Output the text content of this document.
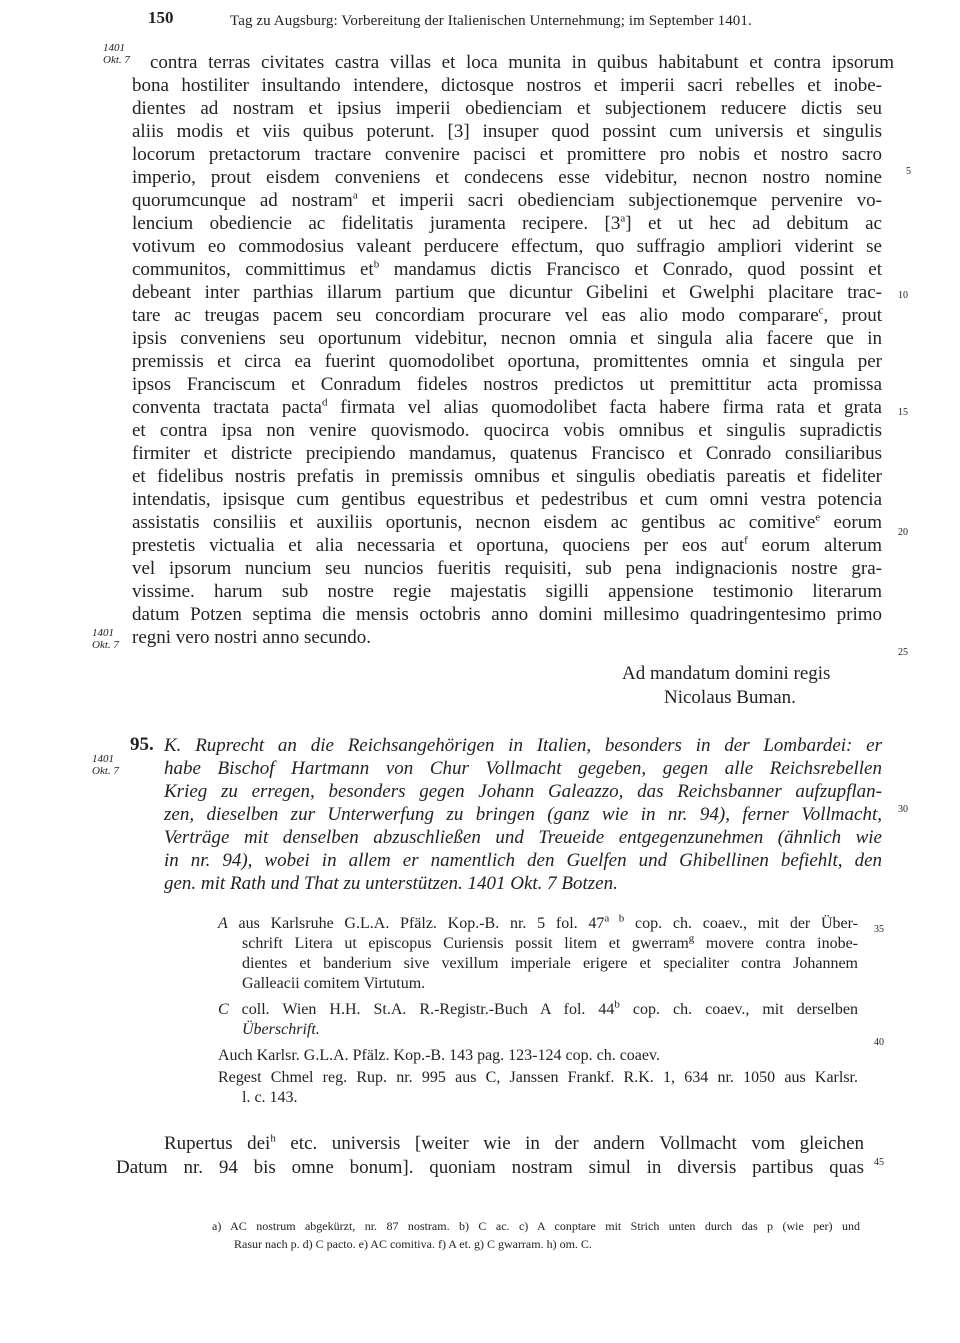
150	Tag zu Augsburg: Vorbereitung der Italienischen Unternehmung; im September 1401.
1401
Okt. 7
1401
Okt. 7
1401
Okt. 7
5
10
15
20
25
30
35
40
45
contra terras civitates castra villas et loca munita in quibus habitabunt et contra ipsorum
bona hostiliter insultando intendere, dictosque nostros et imperii sacri rebelles et inobe-
dientes ad nostram et ipsius imperii obedienciam et subjectionem reducere dictis seu
aliis modis et viis quibus poterunt. [3] insuper quod possint cum universis et singulis
locorum pretactorum tractare convenire pacisci et promittere pro nobis et nostro sacro
imperio, prout eisdem conveniens et condecens esse videbitur, necnon nostro nomine
quorumcunque ad nostram$^a$ et imperii sacri obedienciam subjectionemque pervenire vo-
lencium obediencie ac fidelitatis juramenta recipere. [3$^a$] et ut hec ad debitum ac
votivum eo commodosius valeant perducere effectum, quo suffragio ampliori viderint se
communitos, committimus $et^b$ mandamus dictis Francisco et Conrado, quod possint et
debeant inter parthias illarum partium que dicuntur Gibelini et Gwelphi placitare trac-
tare ac treugas pacem seu concordiam procurare vel eas alio modo comparare$^c$, prout
ipsis conveniens seu oportunum videbitur, necnon omnia et singula alia facere que in
premissis et circa ea fuerint quomodolibet oportuna, promittentes omnia et singula per
ipsos Franciscum et Conradum fideles nostros predictos ut premittitur acta promissa
conventa tractata pacta$^d$ firmata vel alias quomodolibet facta habere firma rata et grata
et contra ipsa non venire quovismodo. quocirca vobis omnibus et singulis supradictis
firmiter et districte precipiendo mandamus, quatenus Francisco et Conrado consiliaribus
et fidelibus nostris prefatis in premissis omnibus et singulis obediatis pareatis et fideliter
intendatis, ipsisque cum gentibus equestribus et pedestribus et cum omni vestra potencia
assistatis consiliis et auxiliis oportunis, necnon eisdem ac gentibus ac comitive$^e$ eorum
prestetis victualia et alia necessaria et oportuna, quociens per eos aut$^f$ eorum alterum
vel ipsorum nuncium seu nuncios fueritis requisiti, sub pena indignacionis nostre gra-
vissime. harum sub nostre regie majestatis sigilli appensione testimonio literarum
datum Potzen septima die mensis octobris anno domini millesimo quadringentesimo primo
regni vero nostri anno secundo.
Ad mandatum domini regis
Nicolaus Buman.
95. K. Ruprecht an die Reichsangehörigen in Italien, besonders in der Lombardei: er
habe Bischof Hartmann von Chur Vollmacht gegeben, gegen alle Reichsrebellen
Krieg zu erregen, besonders gegen Johann Galeazzo, das Reichsbanner aufzupflan-
zen, dieselben zur Unterwerfung zu bringen (ganz wie in nr. 94), ferner Vollmacht,
Verträge mit denselben abzuschließen und Treueide entgegenzunehmen (ähnlich wie
in nr. 94), wobei in allem er namentlich den Guelfen und Ghibellinen befiehlt, den
gen. mit Rath und That zu unterstützen. 1401 Okt. 7 Botzen.
A aus Karlsruhe G.L.A. Pfälz. Kop.-B. nr. 5 fol. $47^{a b}$ cop. ch. coaev., mit der Über-
schrift Litera ut episcopus Curiensis possit litem et gwerram$^g$ movere contra inobe-
dientes et banderium sive vexillum imperiale erigere et specialiter contra Johannem
Galleacii comitem Virtutum.
C coll. Wien H.H. St.A. R.-Registr.-Buch A fol. 44$^b$ cop. ch. coaev., mit derselben
Überschrift.
Auch Karlsr. G.L.A. Pfälz. Kop.-B. 143 pag. 123-124 cop. ch. coaev.
Regest Chmel reg. Rup. nr. 995 aus C, Janssen Frankf. R.K. 1, 634 nr. 1050 aus Karlsr.
l. c. 143.
Rupertus dei$^h$ etc. universis [weiter wie in der andern Vollmacht vom gleichen
Datum nr. 94 bis omne bonum]. quoniam nostram simul in diversis partibus quas
a) AC nostrum abgekürzt, nr. 87 nostram. b) C ac. c) A conptare mit Strich unten durch das p (wie per) und
Rasur nach p. d) C pacto. e) AC comitiva. f) A et. g) C gwarram. h) om. C.
